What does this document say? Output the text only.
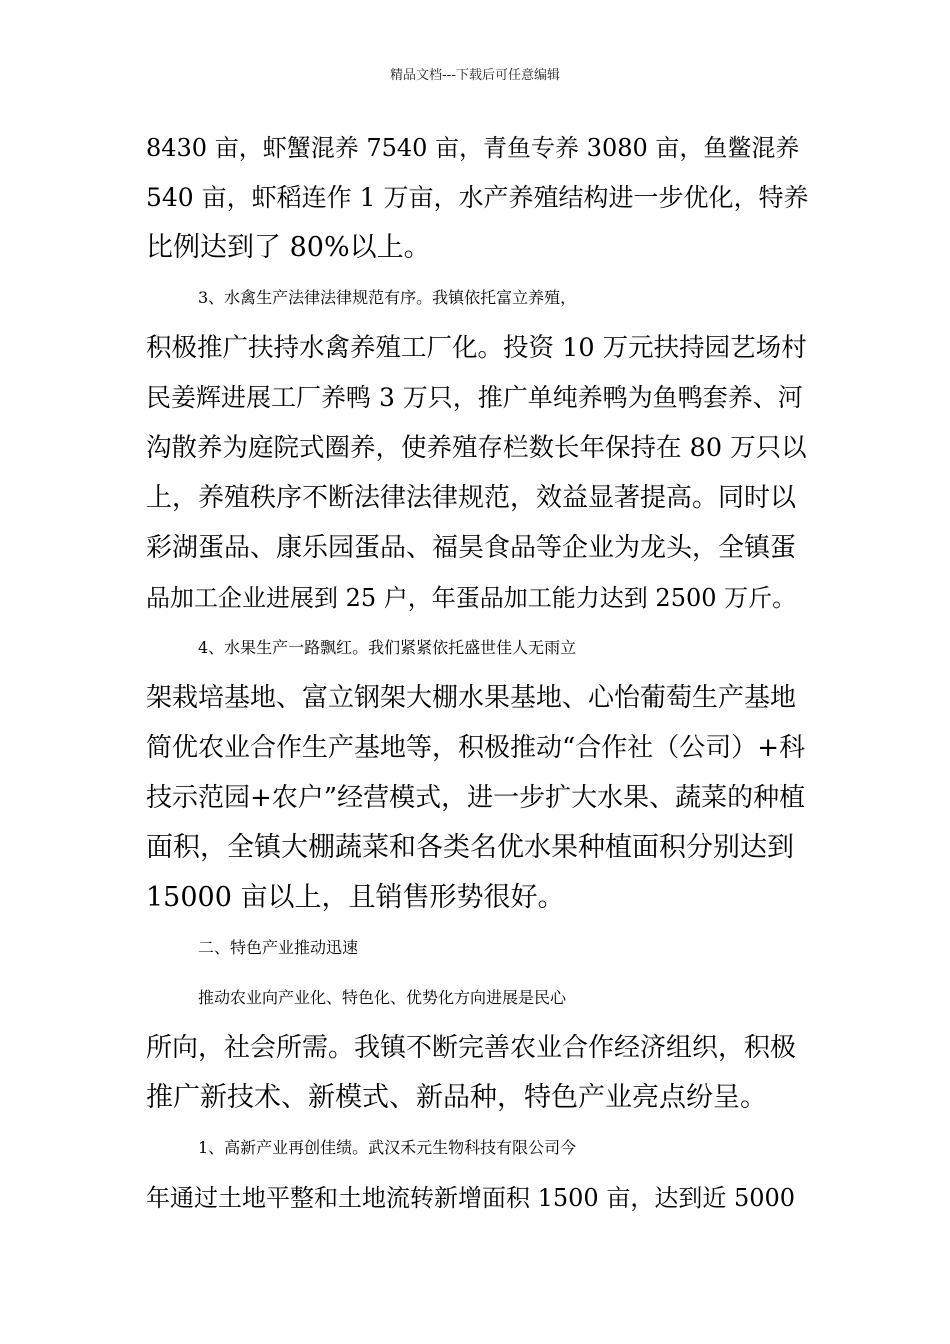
精品文档---下载后可任意编辑
8430 亩，虾蟹混养 7540 亩，青鱼专养 3080 亩，鱼鳖混养
540 亩，虾稻连作 1 万亩，水产养殖结构进一步优化，特养
比例达到了 80%以上。
3、水禽生产法律法律规范有序。我镇依托富立养殖，
积极推广扶持水禽养殖工厂化。投资 10 万元扶持园艺场村
民姜辉进展工厂养鸭 3 万只，推广单纯养鸭为鱼鸭套养、河
沟散养为庭院式圈养，使养殖存栏数长年保持在 80 万只以
上，养殖秩序不断法律法律规范，效益显著提高。同时以
彩湖蛋品、康乐园蛋品、福昊食品等企业为龙头，全镇蛋
品加工企业进展到 25 户，年蛋品加工能力达到 2500 万斤。
4、水果生产一路飘红。我们紧紧依托盛世佳人无雨立
架栽培基地、富立钢架大棚水果基地、心怡葡萄生产基地
简优农业合作生产基地等，积极推动“合作社（公司）+科
技示范园+农户”经营模式，进一步扩大水果、蔬菜的种植
面积，全镇大棚蔬菜和各类名优水果种植面积分别达到
15000 亩以上，且销售形势很好。
二、特色产业推动迅速
推动农业向产业化、特色化、优势化方向进展是民心
所向，社会所需。我镇不断完善农业合作经济组织，积极
推广新技术、新模式、新品种，特色产业亮点纷呈。
1、高新产业再创佳绩。武汉禾元生物科技有限公司今
年通过土地平整和土地流转新增面积 1500 亩，达到近 5000
